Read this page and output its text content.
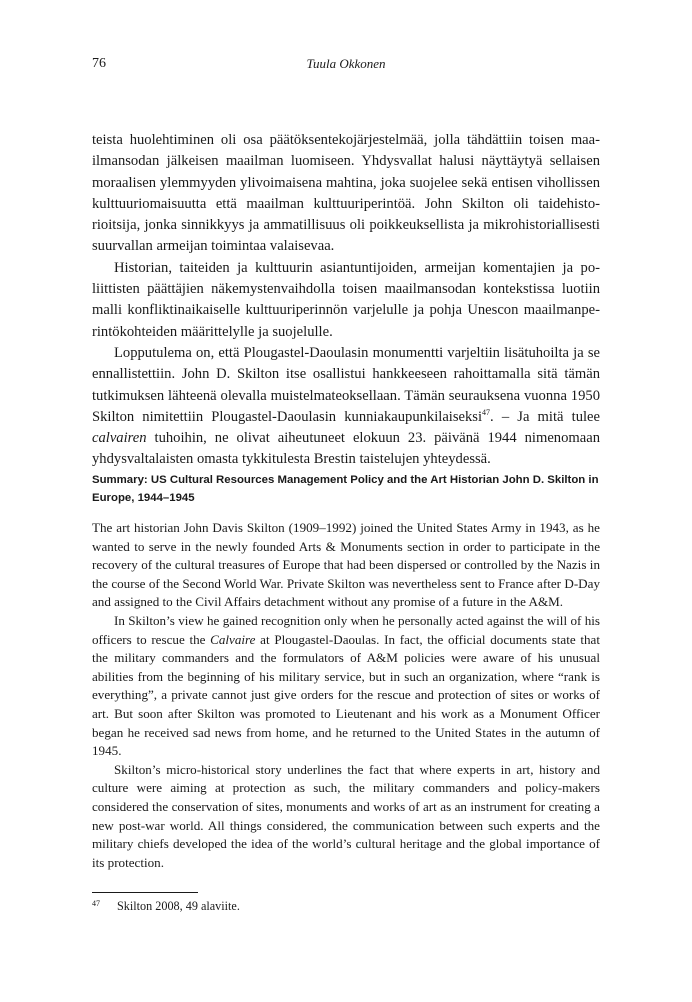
76	Tuula Okkonen

teista huolehtiminen oli osa päätöksentekojärjestelmää, jolla tähdättiin toisen maailmansodan jälkeisen maailman luomiseen. Yhdysvallat halusi näyttäytyä sellaisen moraalisen ylemmyyden ylivoimaisena mahtina, joka suojelee sekä entisen vihollissen kulttuuriomaisuutta että maailman kulttuuriperintöä. John Skilton oli taidehistorioitsija, jonka sinnikkyys ja ammatillisuus oli poikkeuksellista ja mikrohistoriallisesti suurvallan armeijan toimintaa valaisevaa.

Historian, taiteiden ja kulttuurin asiantuntijoiden, armeijan komentajien ja poliittisten päättäjien näkemystenvaihdolla toisen maailmansodan kontekstissa luotiin malli konfliktinaikaiselle kulttuuriperinnön varjelulle ja pohja Unescon maailmanperintökohteiden määrittelylle ja suojelulle.

Lopputulema on, että Plougastel-Daoulasin monumentti varjeltiin lisätuhoilta ja se ennallistettiin. John D. Skilton itse osallistui hankkeeseen rahoittamalla sitä tämän tutkimuksen lähteenä olevalla muistelmateoksellaan. Tämän seurauksena vuonna 1950 Skilton nimitettiin Plougastel-Daoulasin kunniakaupunkilaiseksi$^{47}$. – Ja mitä tulee calvairen tuhoihin, ne olivat aiheutuneet elokuun 23. päivänä 1944 nimenomaan yhdysvaltalaisten omasta tykkitulesta Brestin taistelujen yhteydessä.

Summary: US Cultural Resources Management Policy and the Art Historian John D. Skilton in Europe, 1944–1945

The art historian John Davis Skilton (1909–1992) joined the United States Army in 1943, as he wanted to serve in the newly founded Arts & Monuments section in order to participate in the recovery of the cultural treasures of Europe that had been dispersed or controlled by the Nazis in the course of the Second World War. Private Skilton was nevertheless sent to France after D-Day and assigned to the Civil Affairs detachment without any promise of a future in the A&M.

In Skilton’s view he gained recognition only when he personally acted against the will of his officers to rescue the Calvaire at Plougastel-Daoulas. In fact, the official documents state that the military commanders and the formulators of A&M policies were aware of his unusual abilities from the beginning of his military service, but in such an organization, where “rank is everything”, a private cannot just give orders for the rescue and protection of sites or works of art. But soon after Skilton was promoted to Lieutenant and his work as a Monument Officer began he received sad news from home, and he returned to the United States in the autumn of 1945.

Skilton’s micro-historical story underlines the fact that where experts in art, history and culture were aiming at protection as such, the military commanders and policy-makers considered the conservation of sites, monuments and works of art as an instrument for creating a new post-war world. All things considered, the communication between such experts and the military chiefs developed the idea of the world’s cultural heritage and the global importance of its protection.

47 Skilton 2008, 49 alaviite.
